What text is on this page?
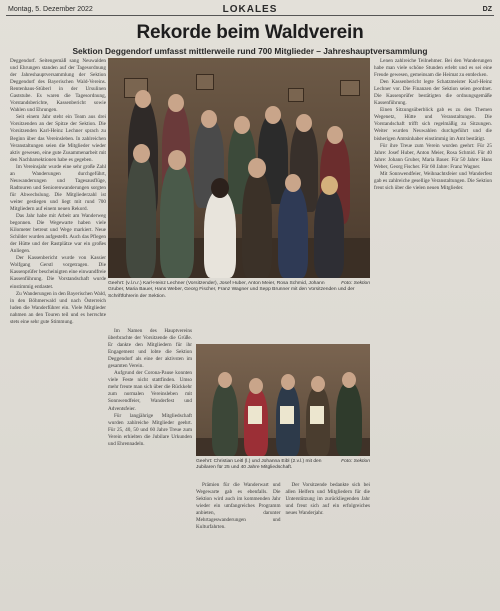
Montag, 5. Dezember 2022	LOKALES	DZ
Rekorde beim Waldverein
Sektion Deggendorf umfasst mittlerweile rund 700 Mitglieder – Jahreshauptversammlung

Deggendorf. Seitengemäß sang Neuwalden und Ehrungen standen auf der Tagesordnung der Jahreshauptversammlung der Sektion Deggendorf des Bayerischen Wald-Vereins. Rentenhaus-Stüberl in der Ursulinen Gaststube. Es waren die Tagesordnung, Vorstandsberichte, Kassenbericht sowie Wahlen und Ehrungen.

Seit einem Jahr steht ein Team aus drei Vorsitzenden an der Spitze der Sektion. Die Vorsitzenden Karl-Heinz Lechner sprach zu Beginn über das Vereinsleben. In zahlreichen Veranstaltungen seien die Mitglieder wieder aktiv gewesen, eine gute Zusammenarbeit mit den Nachbarsektionen habe es gegeben.

Im Vereinsjahr wurde eine sehr große Zahl an Wanderungen durchgeführt, Neuwanderungen und Tagesausflüge, Radtouren und Seniorenwanderungen sorgten für Abwechslung. Die Mitgliederzahl ist weiter gestiegen und liegt mit rund 700 Mitgliedern auf einem neuen Rekord.

Das Jahr habe mit Arbeit am Wanderweg begonnen. Die Wegewarte haben viele Kilometer betreut und Wege markiert. Neue Schilder wurden aufgestellt. Auch das Pflegen der Hütte und der Rastplätze war ein großes Anliegen.

Der Kassenbericht wurde von Kassier Wolfgang Gerstl vorgetragen. Die Kassenprüfer bescheinigten eine einwandfreie Kassenführung. Die Vorstandschaft wurde einstimmig entlastet.

Zu Wanderungen in den Bayerischen Wald, in den Böhmerwald und nach Österreich luden die Wanderführer ein. Viele Mitglieder nahmen an den Touren teil und es herrschte stets eine sehr gute Stimmung.

Foto: Sektion
Geehrt: (v.l.n.r.) Karl-Heinz Lechner (Vorsitzender), Josef Huber, Anton Meier, Rosa Schmid, Johann Gruber, Maria Bauer, Hans Weber, Georg Fischer, Franz Wagner und Sepp Brunner mit den Vorsitzenden und der Schriftführerin der Sektion.

Im Namen des Hauptvereins überbrachte der Vorsitzende die Grüße. Er dankte den Mitgliedern für ihr Engagement und lobte die Sektion Deggendorf als eine der aktivsten im gesamten Verein.

Aufgrund der Corona-Pause konnten viele Feste nicht stattfinden. Umso mehr freute man sich über die Rückkehr zum normalen Vereinsleben mit Sonnwendfeier, Wanderfest und Adventsfeier.

Für langjährige Mitgliedschaft wurden zahlreiche Mitglieder geehrt. Für 25, 40, 50 und 60 Jahre Treue zum Verein erhielten die Jubilare Urkunden und Ehrennadeln.

Foto: Sektion
Geehrt: Christian Leitl (l.) und Johanna Eibl (2.v.l.) mit den Jubilaren für 25 und 40 Jahre Mitgliedschaft.

Prämien für die Wanderwart und Wegewarte gab es ebenfalls. Die Sektion wird auch im kommenden Jahr wieder ein umfangreiches Programm anbieten, darunter Mehrtageswanderungen und Kulturfahrten.

Der Vorsitzende bedankte sich bei allen Helfern und Mitgliedern für die Unterstützung im zurückliegenden Jahr und freut sich auf ein erfolgreiches neues Wanderjahr.

Lenen zahlreiche Teilnehmer. Bei den Wanderungen habe man viele schöne Stunden erlebt und es sei eine Freude gewesen, gemeinsam die Heimat zu entdecken.

Den Kassenbericht legte Schatzmeister Karl-Heinz Lechner vor. Die Finanzen der Sektion seien geordnet. Die Kassenprüfer bestätigten die ordnungsgemäße Kassenführung.

Einen Sitzungsüberblick gab es zu den Themen Wegenetz, Hütte und Veranstaltungen. Die Vorstandschaft trifft sich regelmäßig zu Sitzungen. Weiter wurden Neuwahlen durchgeführt und die bisherigen Amtsinhaber einstimmig im Amt bestätigt.

Für ihre Treue zum Verein wurden geehrt: Für 25 Jahre: Josef Huber, Anton Meier, Rosa Schmid. Für 40 Jahre: Johann Gruber, Maria Bauer. Für 50 Jahre: Hans Weber, Georg Fischer. Für 60 Jahre: Franz Wagner.

Mit Sonnwendfeier, Weihnachtsfeier und Wanderfest gab es zahlreiche gesellige Veranstaltungen. Die Sektion freut sich über die vielen neuen Mitglieder.
